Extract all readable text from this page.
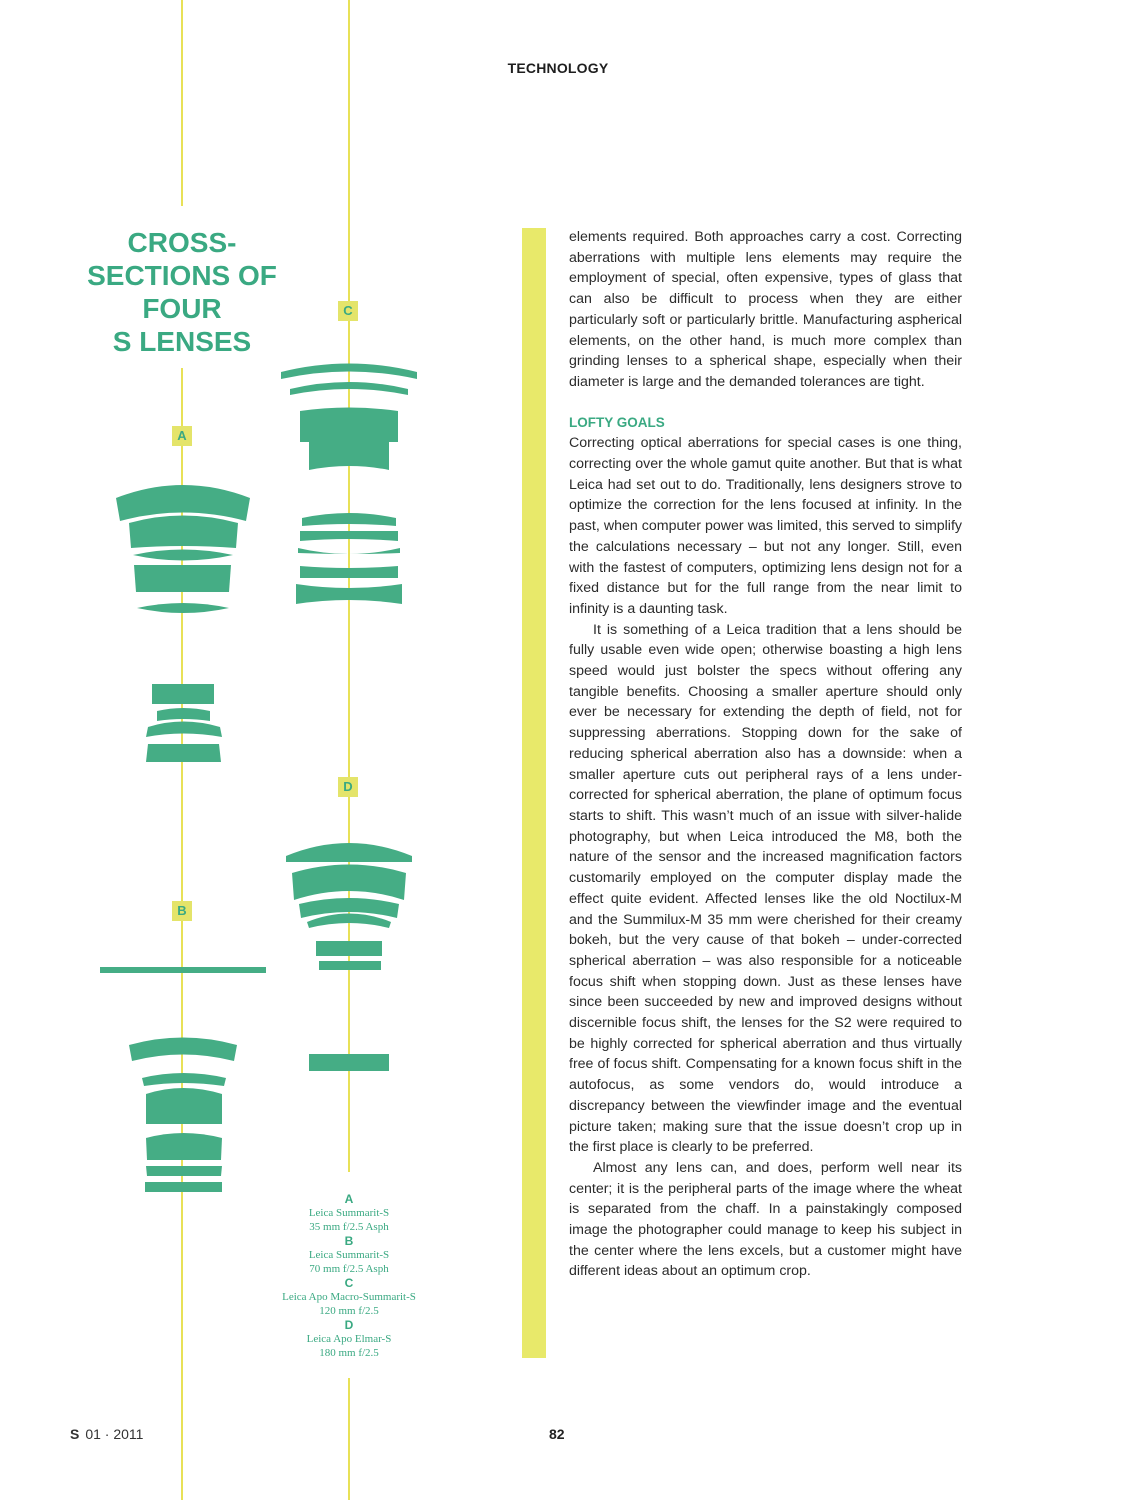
TECHNOLOGY
CROSS-
SECTIONS OF
FOUR
S LENSES
C
A
D
B
A
Leica Summarit-S
35 mm f/2.5 Asph
B
Leica Summarit-S
70 mm f/2.5 Asph
C
Leica Apo Macro-Summarit-S
120 mm f/2.5
D
Leica Apo Elmar-S
180 mm f/2.5

elements required. Both approaches carry a cost. Correcting aberrations with multiple lens elements may require the employment of special, often expensive, types of glass that can also be difficult to process when they are either particularly soft or particularly brittle. Manufacturing aspherical elements, on the other hand, is much more complex than grinding lenses to a spherical shape, especially when their diameter is large and the demanded tolerances are tight.

LOFTY GOALS

Correcting optical aberrations for special cases is one thing, correcting over the whole gamut quite another. But that is what Leica had set out to do. Traditionally, lens designers strove to optimize the correction for the lens focused at infinity. In the past, when computer power was limited, this served to simplify the calculations necessary – but not any longer. Still, even with the fastest of computers, optimizing lens design not for a fixed distance but for the full range from the near limit to infinity is a daunting task.

It is something of a Leica tradition that a lens should be fully usable even wide open; otherwise boasting a high lens speed would just bolster the specs without offering any tangible benefits. Choosing a smaller aperture should only ever be necessary for extending the depth of field, not for suppressing aberrations. Stopping down for the sake of reducing spherical aberration also has a downside: when a smaller aperture cuts out peripheral rays of a lens under-corrected for spherical aberration, the plane of optimum focus starts to shift. This wasn’t much of an issue with silver-halide photography, but when Leica introduced the M8, both the nature of the sensor and the increased magnification factors customarily employed on the computer display made the effect quite evident. Affected lenses like the old Noctilux-M and the Summilux-M 35 mm were cherished for their creamy bokeh, but the very cause of that bokeh – under-corrected spherical aberration – was also responsible for a noticeable focus shift when stopping down. Just as these lenses have since been succeeded by new and improved designs without discernible focus shift, the lenses for the S2 were required to be highly corrected for spherical aberration and thus virtually free of focus shift. Compensating for a known focus shift in the autofocus, as some vendors do, would introduce a discrepancy between the viewfinder image and the eventual picture taken; making sure that the issue doesn’t crop up in the first place is clearly to be preferred.

Almost any lens can, and does, perform well near its center; it is the peripheral parts of the image where the wheat is separated from the chaff. In a painstakingly composed image the photographer could manage to keep his subject in the center where the lens excels, but a customer might have different ideas about an optimum crop.

S 01 · 2011	82
